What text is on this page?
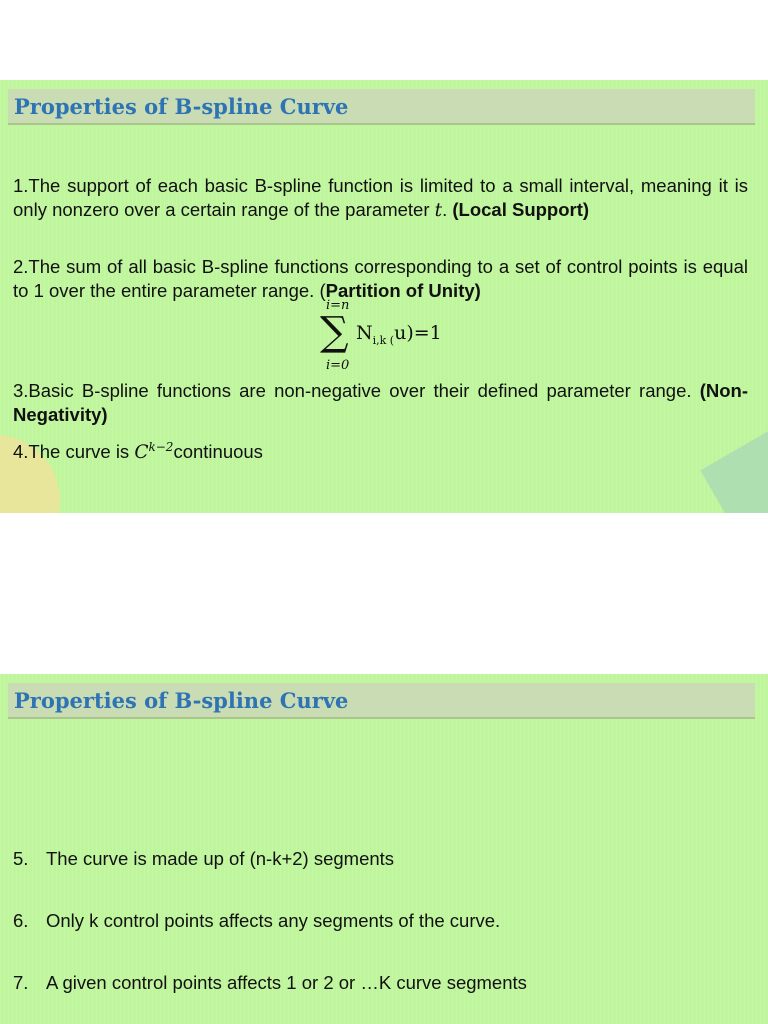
Properties of B-spline Curve
1.The support of each basic B-spline function is limited to a small interval, meaning it is only nonzero over a certain range of the parameter t. (Local Support)
2.The sum of all basic B-spline functions corresponding to a set of control points is equal to 1 over the entire parameter range. (Partition of Unity)
i=n
∑ $N_{i,k (}u)=1$
i=0
3.Basic B-spline functions are non-negative over their defined parameter range. (Non-Negativity)
4.The curve is $C^{k-2}continuous$
Properties of B-spline Curve
5. The curve is made up of (n-k+2) segments
6. Only k control points affects any segments of the curve.
7. A given control points affects 1 or 2 or …K curve segments
